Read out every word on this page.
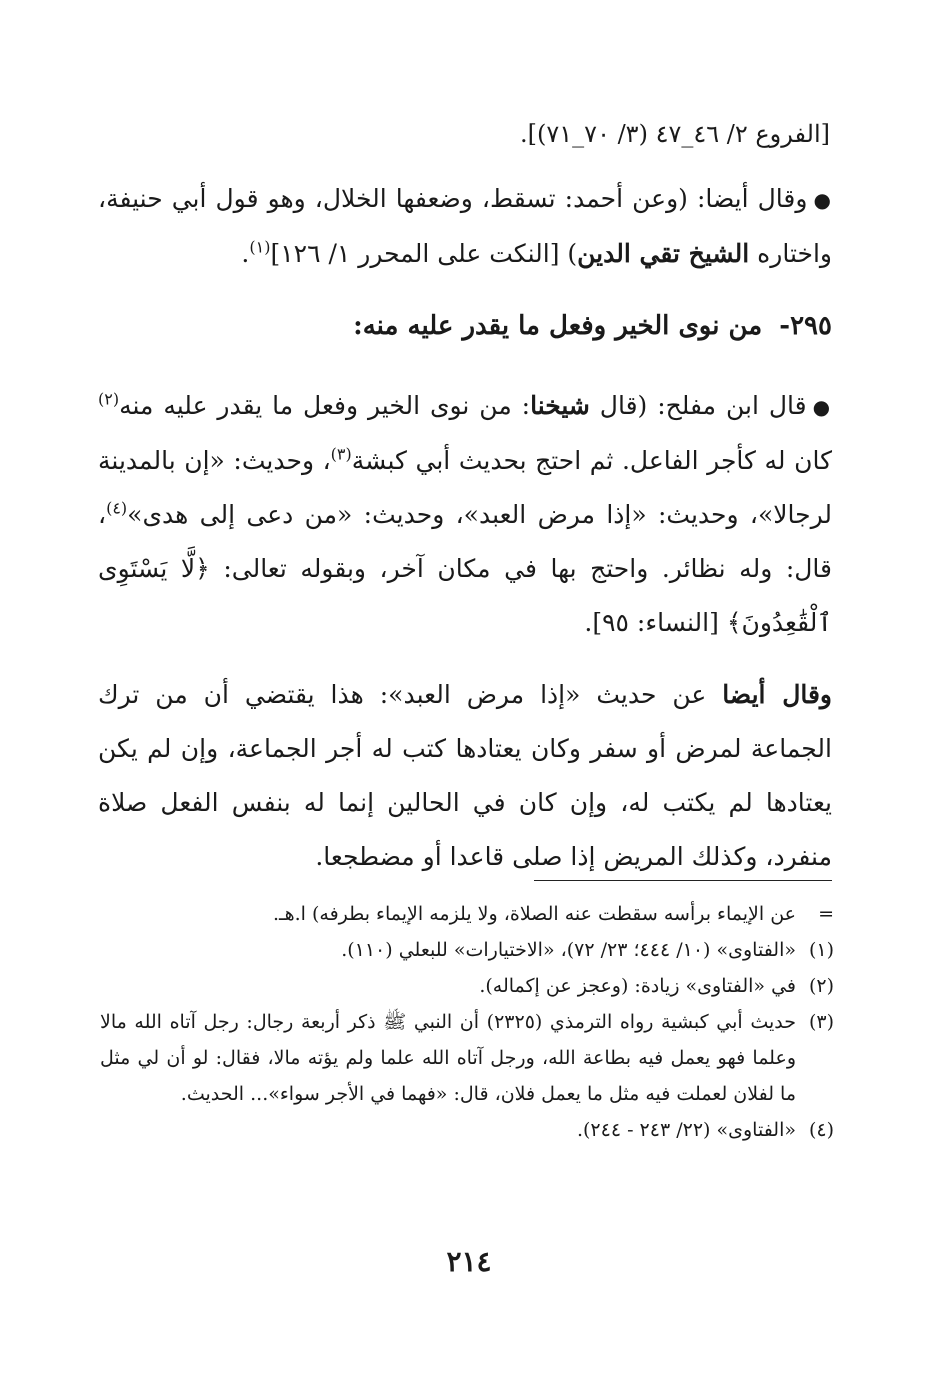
[الفروع ٢/ ٤٦_٤٧ (٣/ ٧٠_٧١)].

●وقال أيضا: (وعن أحمد: تسقط، وضعفها الخلال، وهو قول أبي حنيفة، واختاره الشيخ تقي الدين) [النكت على المحرر ١/ ١٢٦]$^{(١)}$.

٢٩٥- من نوى الخير وفعل ما يقدر عليه منه:

●قال ابن مفلح: (قال شيخنا: من نوى الخير وفعل ما يقدر عليه منه$^{(٢)}$ كان له كأجر الفاعل. ثم احتج بحديث أبي كبشة$^{(٣)}$، وحديث: «إن بالمدينة لرجالا»، وحديث: «إذا مرض العبد»، وحديث: «من دعى إلى هدى»$^{(٤)}$، قال: وله نظائر. واحتج بها في مكان آخر، وبقوله تعالى: ﴿لَّا يَسْتَوِى ٱلْقَٰعِدُونَ﴾ [النساء: ٩٥].

وقال أيضا عن حديث «إذا مرض العبد»: هذا يقتضي أن من ترك الجماعة لمرض أو سفر وكان يعتادها كتب له أجر الجماعة، وإن لم يكن يعتادها لم يكتب له، وإن كان في الحالين إنما له بنفس الفعل صلاة منفرد، وكذلك المريض إذا صلى قاعدا أو مضطجعا.

=
عن الإيماء برأسه سقطت عنه الصلاة، ولا يلزمه الإيماء بطرفه) ا.هـ.
(١)
«الفتاوى» (١٠/ ٤٤٤؛ ٢٣/ ٧٢)، «الاختيارات» للبعلي (١١٠).
(٢)
في «الفتاوى» زيادة: (وعجز عن إكماله).
(٣)
حديث أبي كبشية رواه الترمذي (٢٣٢٥) أن النبي ﷺ ذكر أربعة رجال: رجل آتاه الله مالا وعلما فهو يعمل فيه بطاعة الله، ورجل آتاه الله علما ولم يؤته مالا، فقال: لو أن لي مثل ما لفلان لعملت فيه مثل ما يعمل فلان، قال: «فهما في الأجر سواء»... الحديث.
(٤)
«الفتاوى» (٢٢/ ٢٤٣ - ٢٤٤).
٢١٤
